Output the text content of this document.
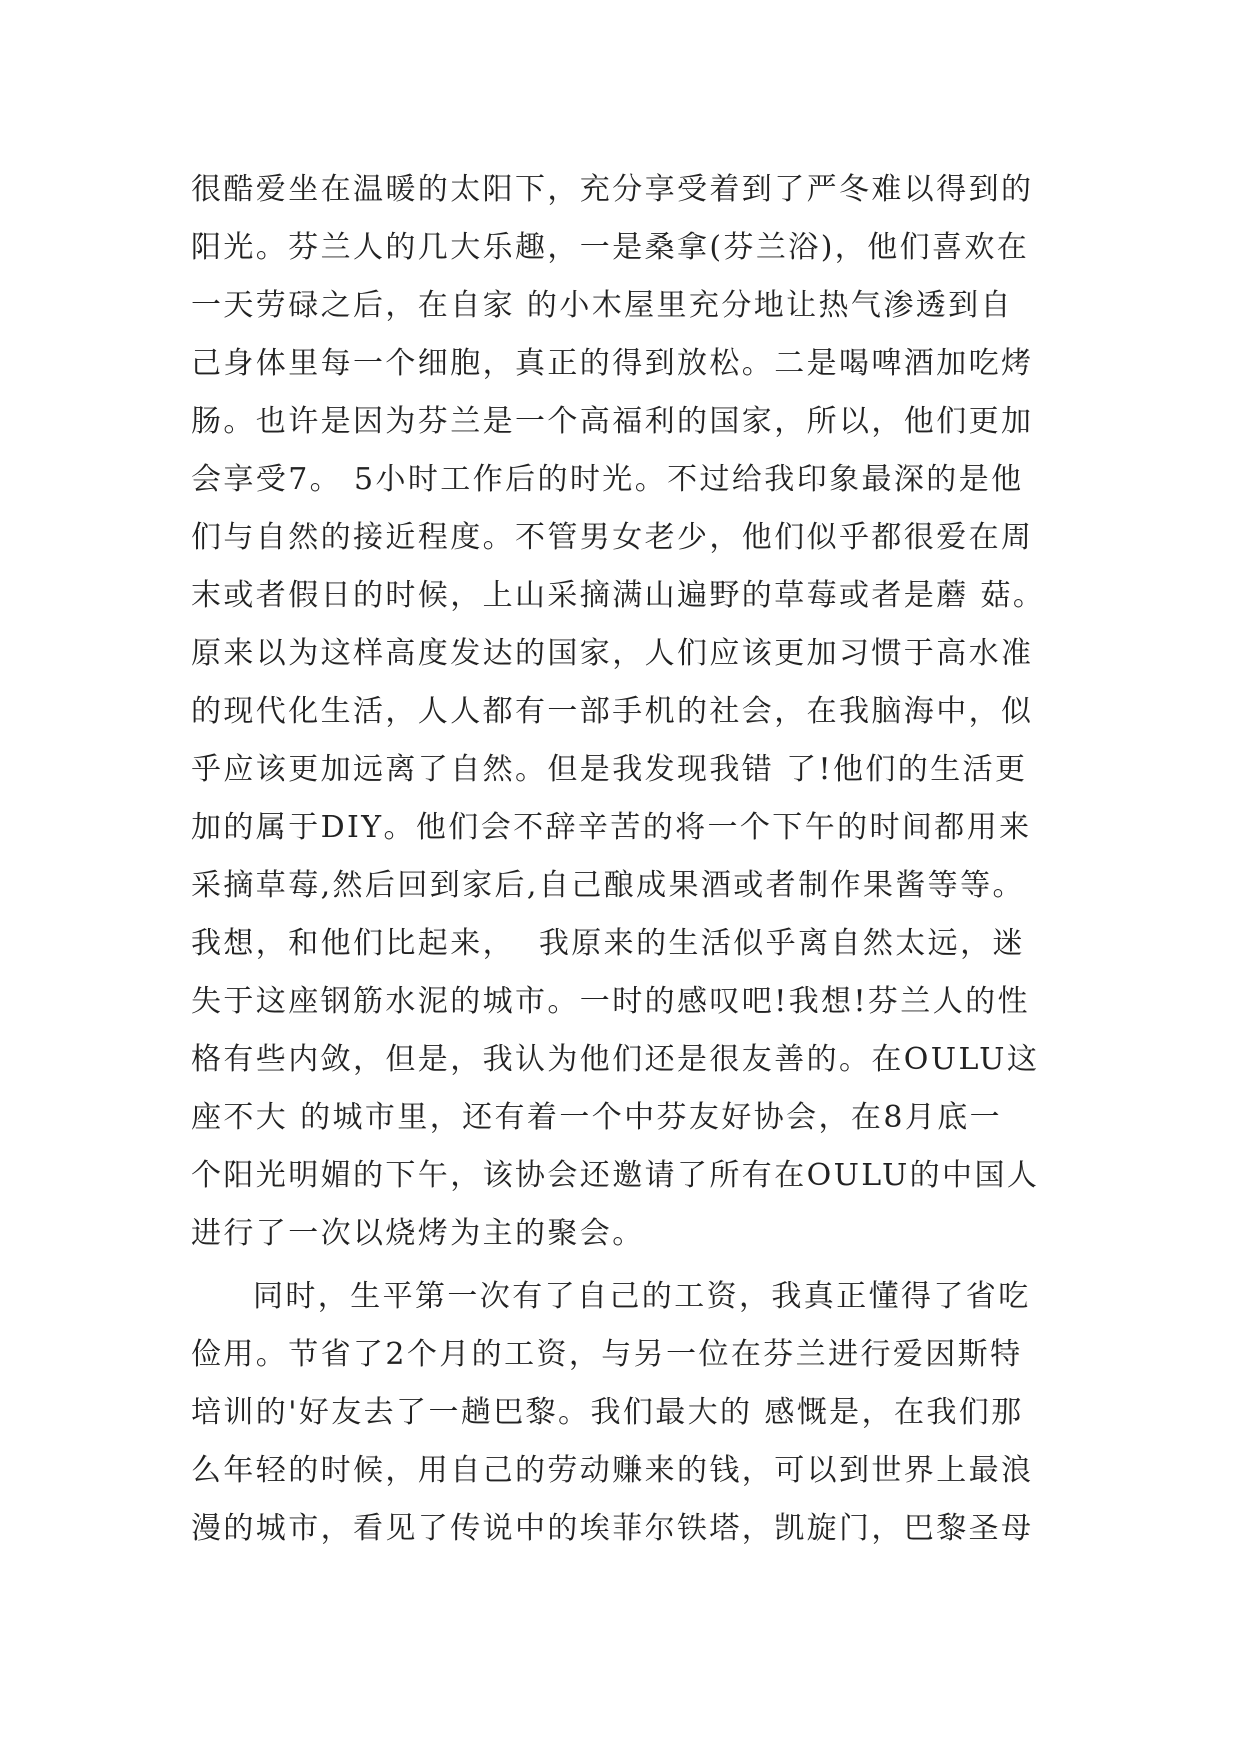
很酷爱坐在温暖的太阳下，充分享受着到了严冬难以得到的
阳光。芬兰人的几大乐趣，一是桑拿(芬兰浴)，他们喜欢在
一天劳碌之后，在自家 的小木屋里充分地让热气渗透到自
己身体里每一个细胞，真正的得到放松。二是喝啤酒加吃烤
肠。也许是因为芬兰是一个高福利的国家，所以，他们更加
会享受7。 5小时工作后的时光。不过给我印象最深的是他
们与自然的接近程度。不管男女老少，他们似乎都很爱在周
末或者假日的时候，上山采摘满山遍野的草莓或者是蘑 菇。
原来以为这样高度发达的国家，人们应该更加习惯于高水准
的现代化生活，人人都有一部手机的社会，在我脑海中，似
乎应该更加远离了自然。但是我发现我错 了!他们的生活更
加的属于DIY。他们会不辞辛苦的将一个下午的时间都用来
采摘草莓,然后回到家后,自己酿成果酒或者制作果酱等等。
我想，和他们比起来，  我原来的生活似乎离自然太远，迷
失于这座钢筋水泥的城市。一时的感叹吧!我想!芬兰人的性
格有些内敛，但是，我认为他们还是很友善的。在OULU这
座不大 的城市里，还有着一个中芬友好协会，在8月底一
个阳光明媚的下午，该协会还邀请了所有在OULU的中国人
进行了一次以烧烤为主的聚会。
同时，生平第一次有了自己的工资，我真正懂得了省吃
俭用。节省了2个月的工资，与另一位在芬兰进行爱因斯特
培训的'好友去了一趟巴黎。我们最大的 感慨是，在我们那
么年轻的时候，用自己的劳动赚来的钱，可以到世界上最浪
漫的城市，看见了传说中的埃菲尔铁塔，凯旋门，巴黎圣母
